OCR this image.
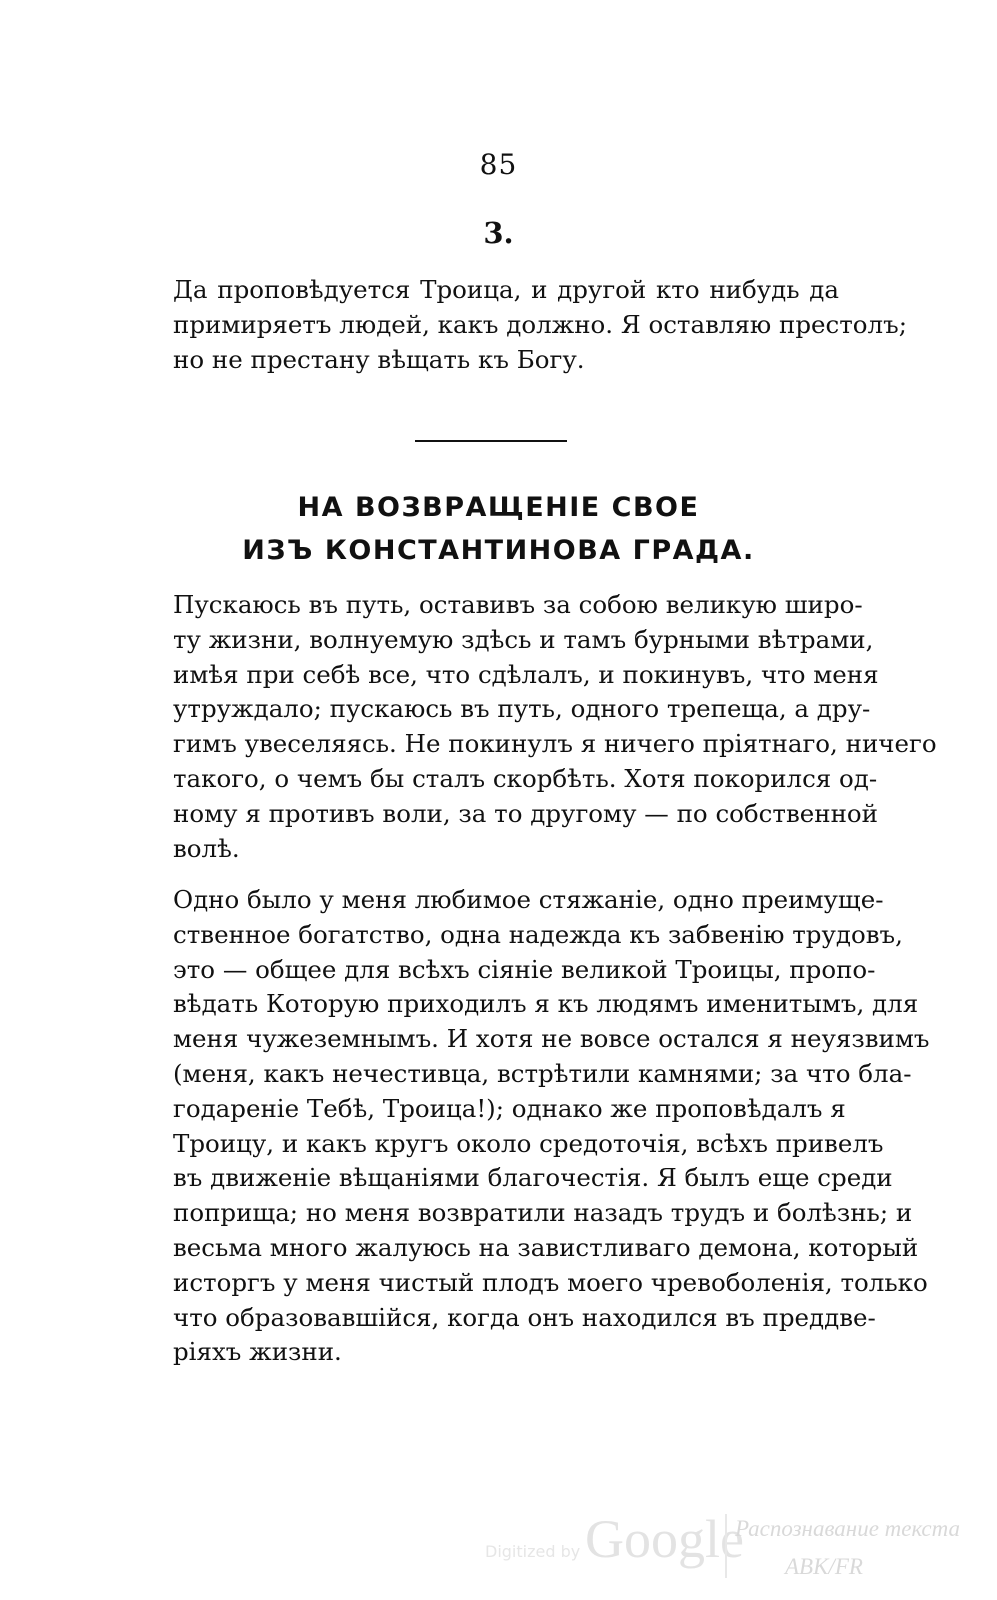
85
3.
Да проповѣдуется Троица, и другой кто нибудь да
примиряетъ людей, какъ должно. Я оставляю престолъ;
но не престану вѣщать къ Богу.
НА ВОЗВРАЩЕНІЕ СВОЕ
ИЗЪ КОНСТАНТИНОВА ГРАДА.
Пускаюсь въ путь, оставивъ за собою великую широ-
ту жизни, волнуемую здѣсь и тамъ бурными вѣтрами,
имѣя при себѣ все, что сдѣлалъ, и покинувъ, что меня
утруждало; пускаюсь въ путь, одного трепеща, а дру-
гимъ увеселяясь. Не покинулъ я ничего пріятнаго, ничего
такого, о чемъ бы сталъ скорбѣть. Хотя покорился од-
ному я противъ воли, за то другому — по собственной
волѣ.
Одно было у меня любимое стяжаніе, одно преимуще-
ственное богатство, одна надежда къ забвенію трудовъ,
это — общее для всѣхъ сіяніе великой Троицы, пропо-
вѣдать Которую приходилъ я къ людямъ именитымъ, для
меня чужеземнымъ. И хотя не вовсе остался я неуязвимъ
(меня, какъ нечестивца, встрѣтили камнями; за что бла-
годареніе Тебѣ, Троица!); однако же проповѣдалъ я
Троицу, и какъ кругъ около средоточія, всѣхъ привелъ
въ движеніе вѣщаніями благочестія. Я былъ еще среди
поприща; но меня возвратили назадъ трудъ и болѣзнь; и
весьма много жалуюсь на завистливаго демона, который
исторгъ у меня чистый плодъ моего чревоболенія, только
что образовавшійся, когда онъ находился въ преддве-
ріяхъ жизни.
Digitized by Google
Распознавание текста
ABK/FR
